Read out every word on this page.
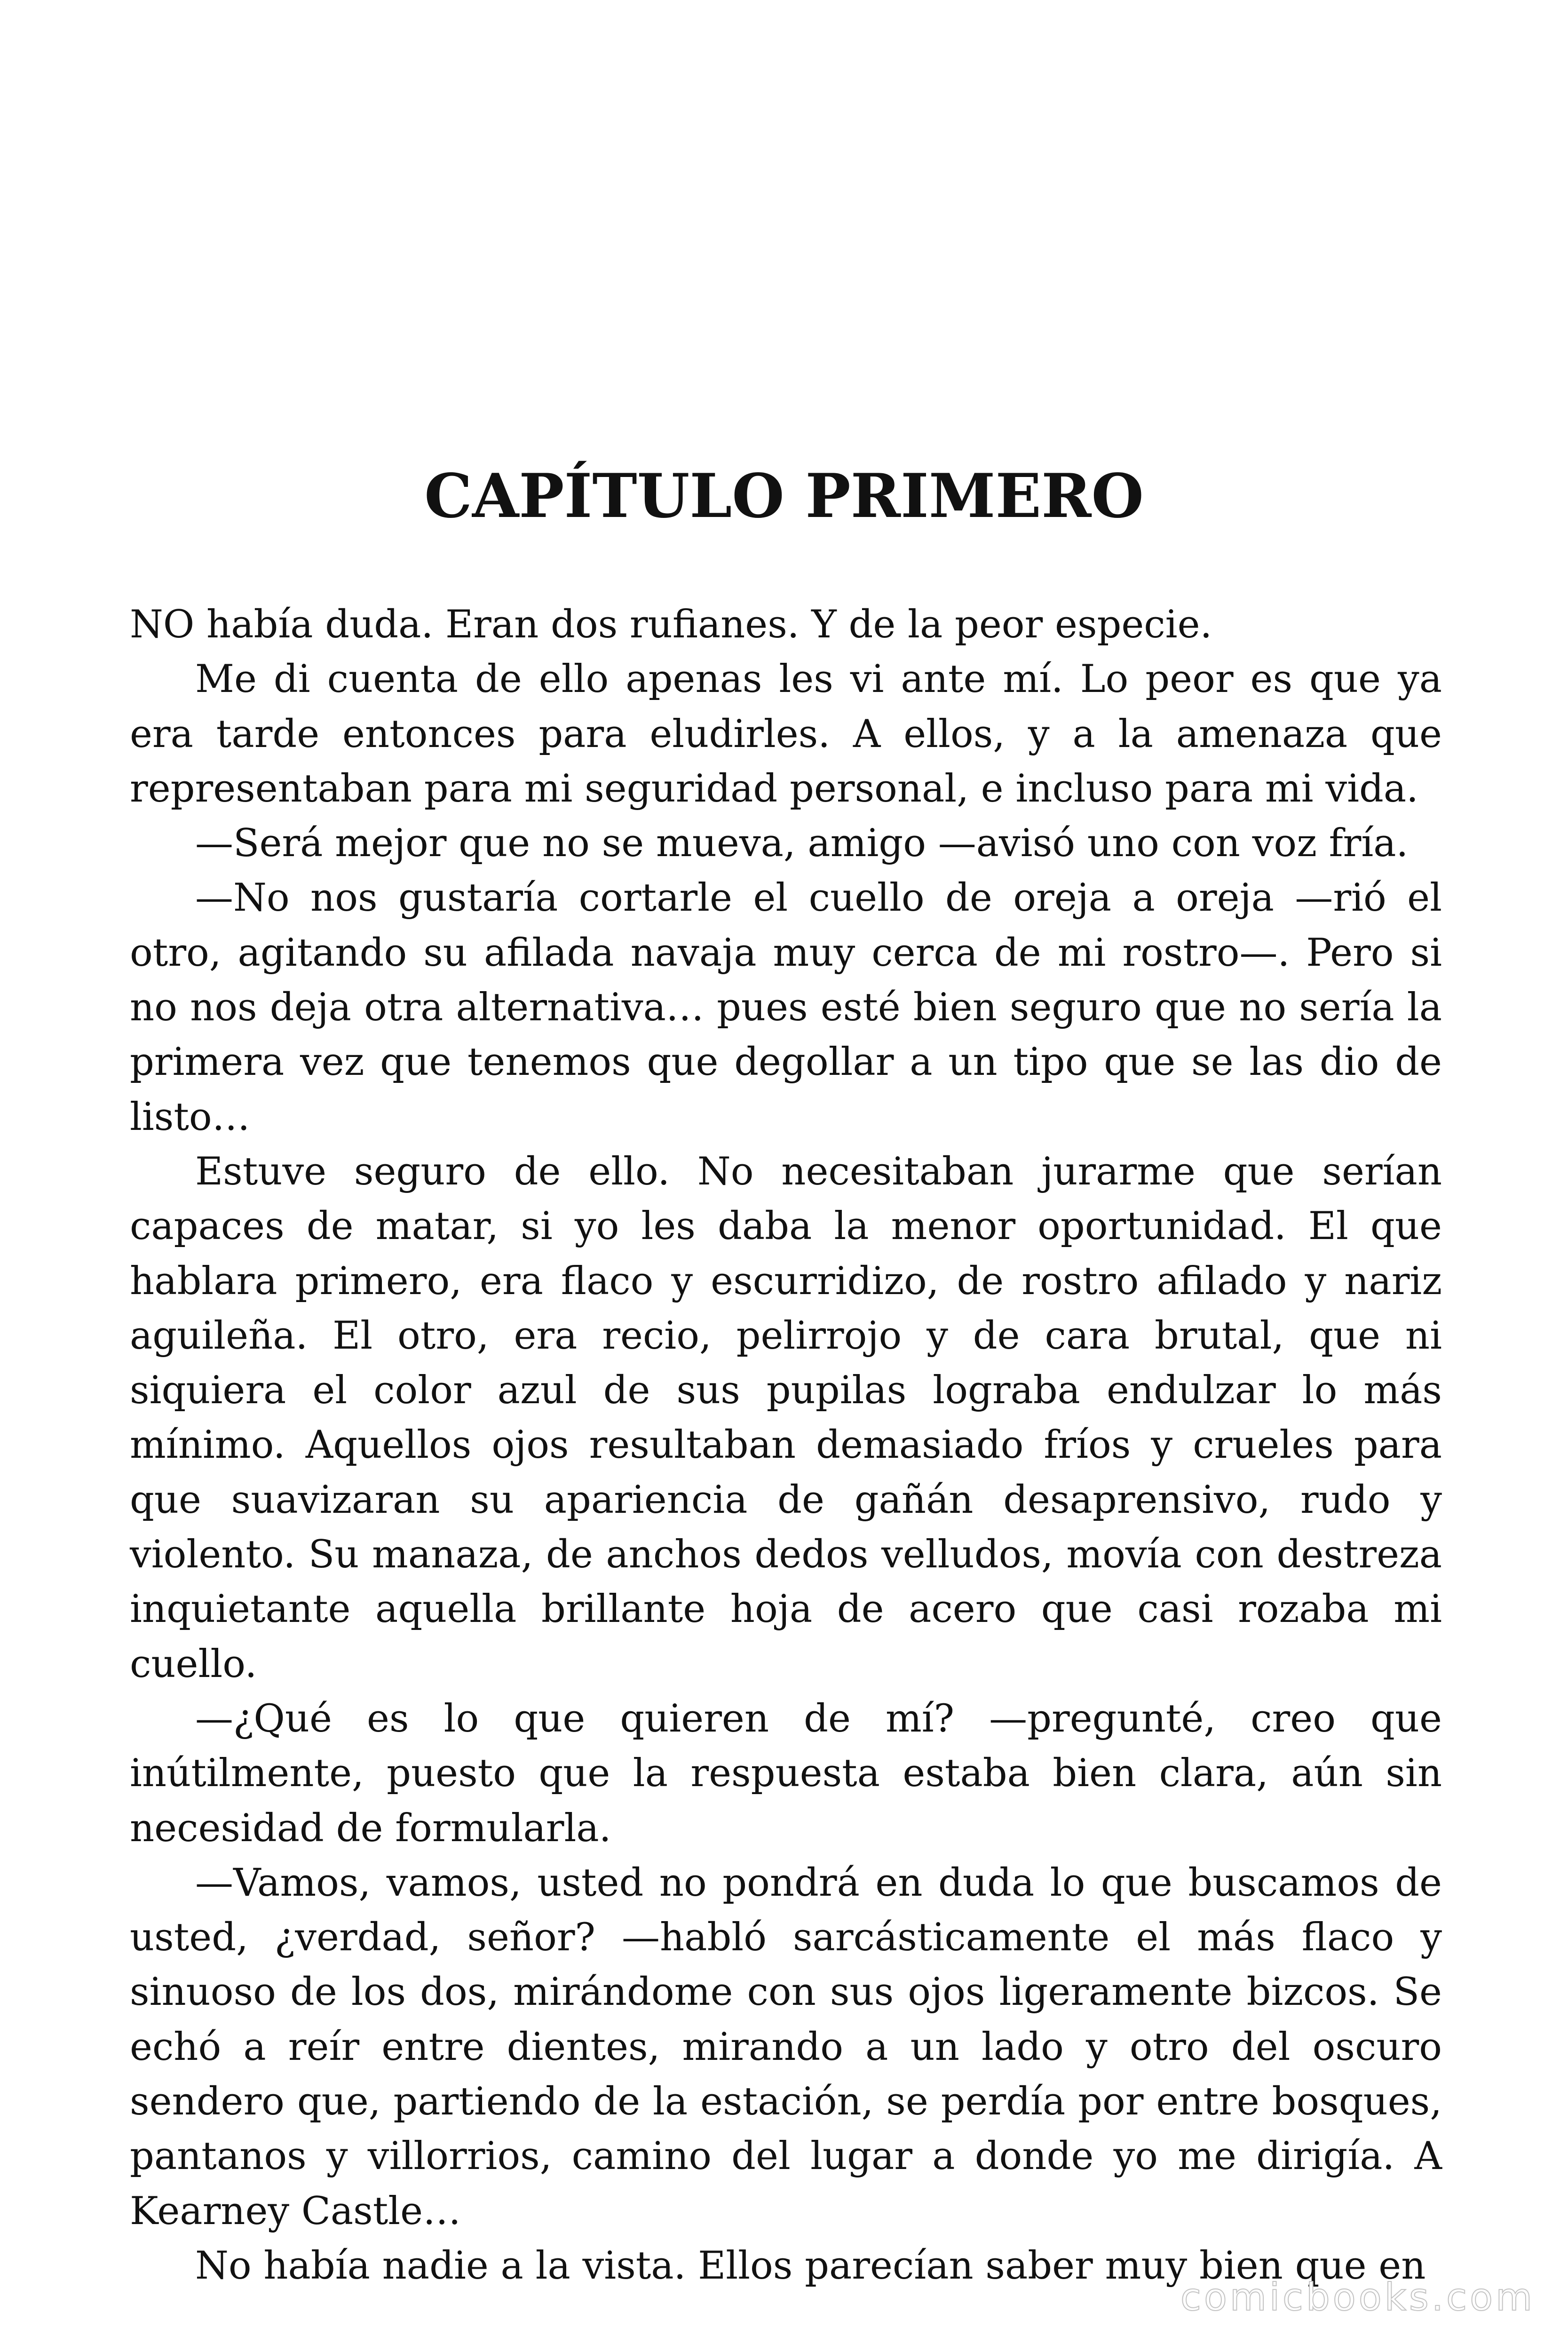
CAPÍTULO PRIMERO

NO había duda. Eran dos rufianes. Y de la peor especie.

Me di cuenta de ello apenas les vi ante mí. Lo peor es que ya era tarde entonces para eludirles. A ellos, y a la amenaza que representaban para mi seguridad personal, e incluso para mi vida.

—Será mejor que no se mueva, amigo —avisó uno con voz fría.

—No nos gustaría cortarle el cuello de oreja a oreja —rió el otro, agitando su afilada navaja muy cerca de mi rostro—. Pero si no nos deja otra alternativa… pues esté bien seguro que no sería la primera vez que tenemos que degollar a un tipo que se las dio de listo…

Estuve seguro de ello. No necesitaban jurarme que serían capaces de matar, si yo les daba la menor oportunidad. El que hablara primero, era flaco y escurridizo, de rostro afilado y nariz aguileña. El otro, era recio, pelirrojo y de cara brutal, que ni siquiera el color azul de sus pupilas lograba endulzar lo más mínimo. Aquellos ojos resultaban demasiado fríos y crueles para que suavizaran su apariencia de gañán desaprensivo, rudo y violento. Su manaza, de anchos dedos velludos, movía con destreza inquietante aquella brillante hoja de acero que casi rozaba mi cuello.

—¿Qué es lo que quieren de mí? —pregunté, creo que inútilmente, puesto que la respuesta estaba bien clara, aún sin necesidad de formularla.

—Vamos, vamos, usted no pondrá en duda lo que buscamos de usted, ¿verdad, señor? —habló sarcásticamente el más flaco y sinuoso de los dos, mirándome con sus ojos ligeramente bizcos. Se echó a reír entre dientes, mirando a un lado y otro del oscuro sendero que, partiendo de la estación, se perdía por entre bosques, pantanos y villorrios, camino del lugar a donde yo me dirigía. A Kearney Castle…

No había nadie a la vista. Ellos parecían saber muy bien que en

comicbooks.com
